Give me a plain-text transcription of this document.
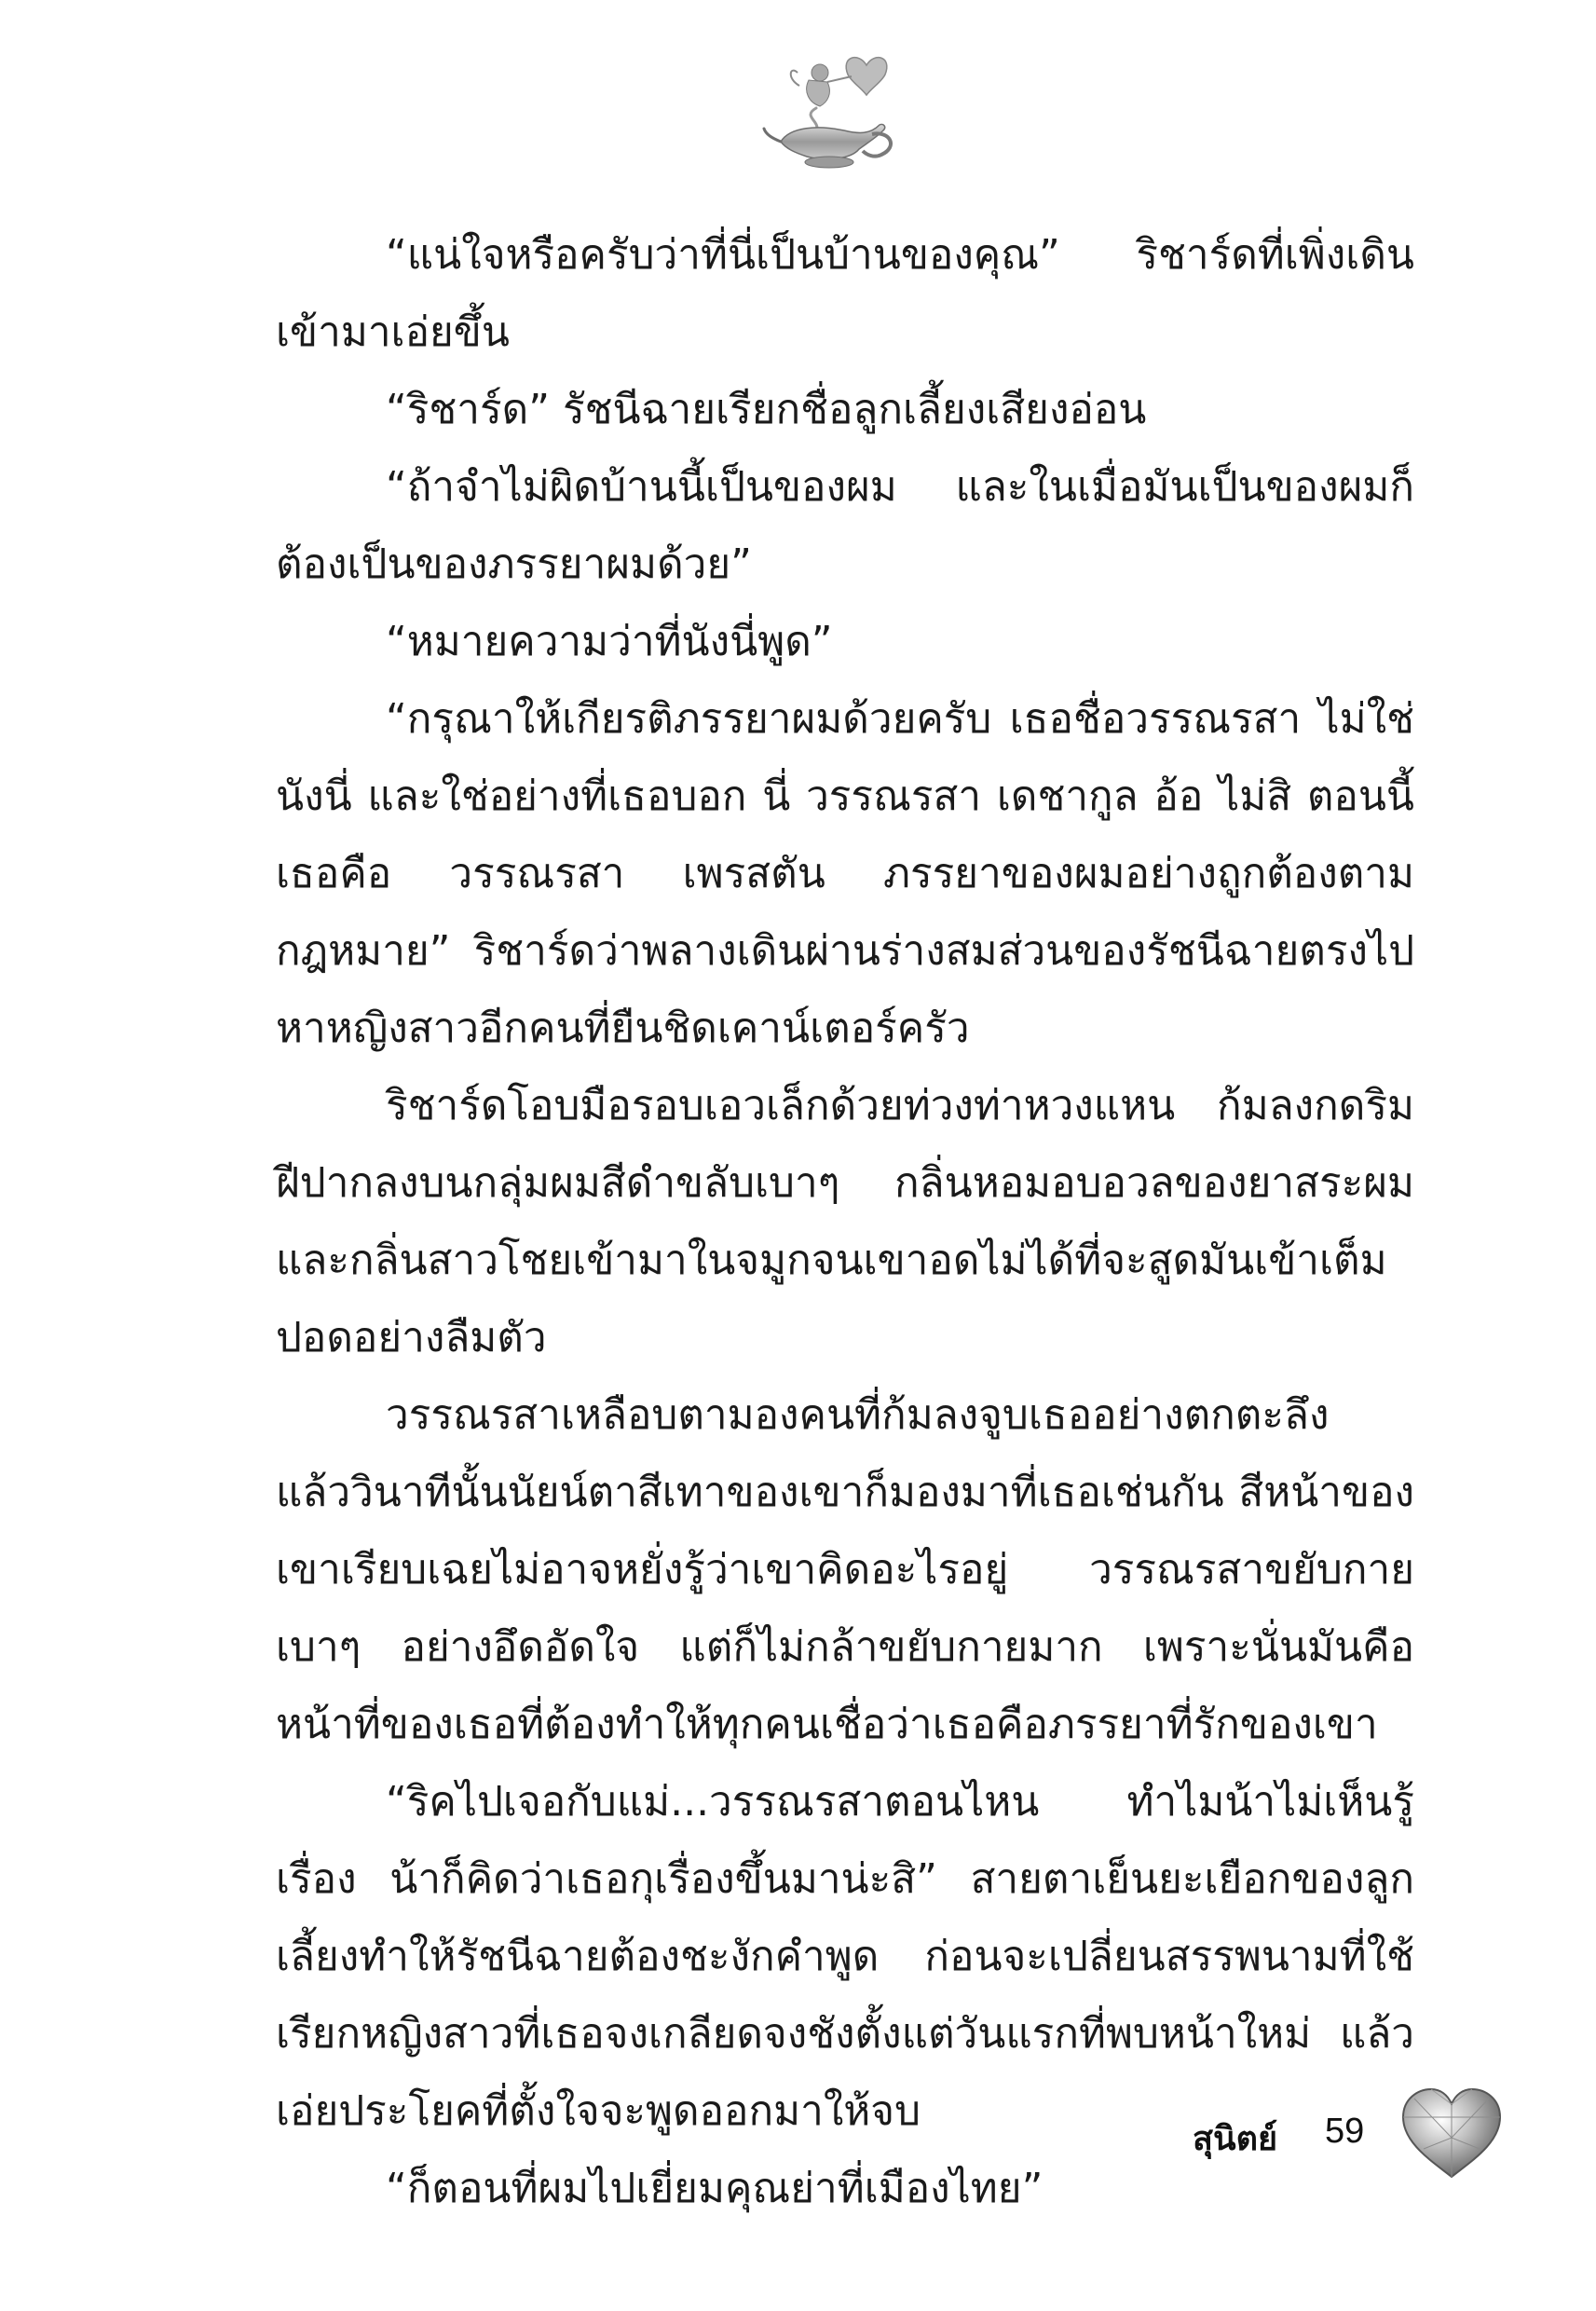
“แน่ใจหรือครับว่าที่นี่เป็นบ้านของคุณ” ริชาร์ดที่เพิ่งเดินเข้ามาเอ่ยขึ้น

“ริชาร์ด” รัชนีฉายเรียกชื่อลูกเลี้ยงเสียงอ่อน

“ถ้าจำไม่ผิดบ้านนี้เป็นของผม และในเมื่อมันเป็นของผมก็ต้องเป็นของภรรยาผมด้วย”

“หมายความว่าที่นังนี่พูด”

“กรุณาให้เกียรติภรรยาผมด้วยครับ เธอชื่อวรรณรสา ไม่ใช่นังนี่ และใช่อย่างที่เธอบอก นี่ วรรณรสา เดชากูล อ้อ ไม่สิ ตอนนี้เธอคือ วรรณรสา เพรสตัน ภรรยาของผมอย่างถูกต้องตามกฎหมาย” ริชาร์ดว่าพลางเดินผ่านร่างสมส่วนของรัชนีฉายตรงไปหาหญิงสาวอีกคนที่ยืนชิดเคาน์เตอร์ครัว

ริชาร์ดโอบมือรอบเอวเล็กด้วยท่วงท่าหวงแหน ก้มลงกดริมฝีปากลงบนกลุ่มผมสีดำขลับเบาๆ กลิ่นหอมอบอวลของยาสระผมและกลิ่นสาวโชยเข้ามาในจมูกจนเขาอดไม่ได้ที่จะสูดมันเข้าเต็มปอดอย่างลืมตัว

วรรณรสาเหลือบตามองคนที่ก้มลงจูบเธออย่างตกตะลึง แล้ววินาทีนั้นนัยน์ตาสีเทาของเขาก็มองมาที่เธอเช่นกัน สีหน้าของเขาเรียบเฉยไม่อาจหยั่งรู้ว่าเขาคิดอะไรอยู่ วรรณรสาขยับกายเบาๆ อย่างอึดอัดใจ แต่ก็ไม่กล้าขยับกายมาก เพราะนั่นมันคือหน้าที่ของเธอที่ต้องทำให้ทุกคนเชื่อว่าเธอคือภรรยาที่รักของเขา

“ริคไปเจอกับแม่...วรรณรสาตอนไหน ทำไมน้าไม่เห็นรู้เรื่อง น้าก็คิดว่าเธอกุเรื่องขึ้นมาน่ะสิ” สายตาเย็นยะเยือกของลูกเลี้ยงทำให้รัชนีฉายต้องชะงักคำพูด ก่อนจะเปลี่ยนสรรพนามที่ใช้เรียกหญิงสาวที่เธอจงเกลียดจงชังตั้งแต่วันแรกที่พบหน้าใหม่ แล้วเอ่ยประโยคที่ตั้งใจจะพูดออกมาให้จบ

“ก็ตอนที่ผมไปเยี่ยมคุณย่าที่เมืองไทย”

สุนิตย์ 59
